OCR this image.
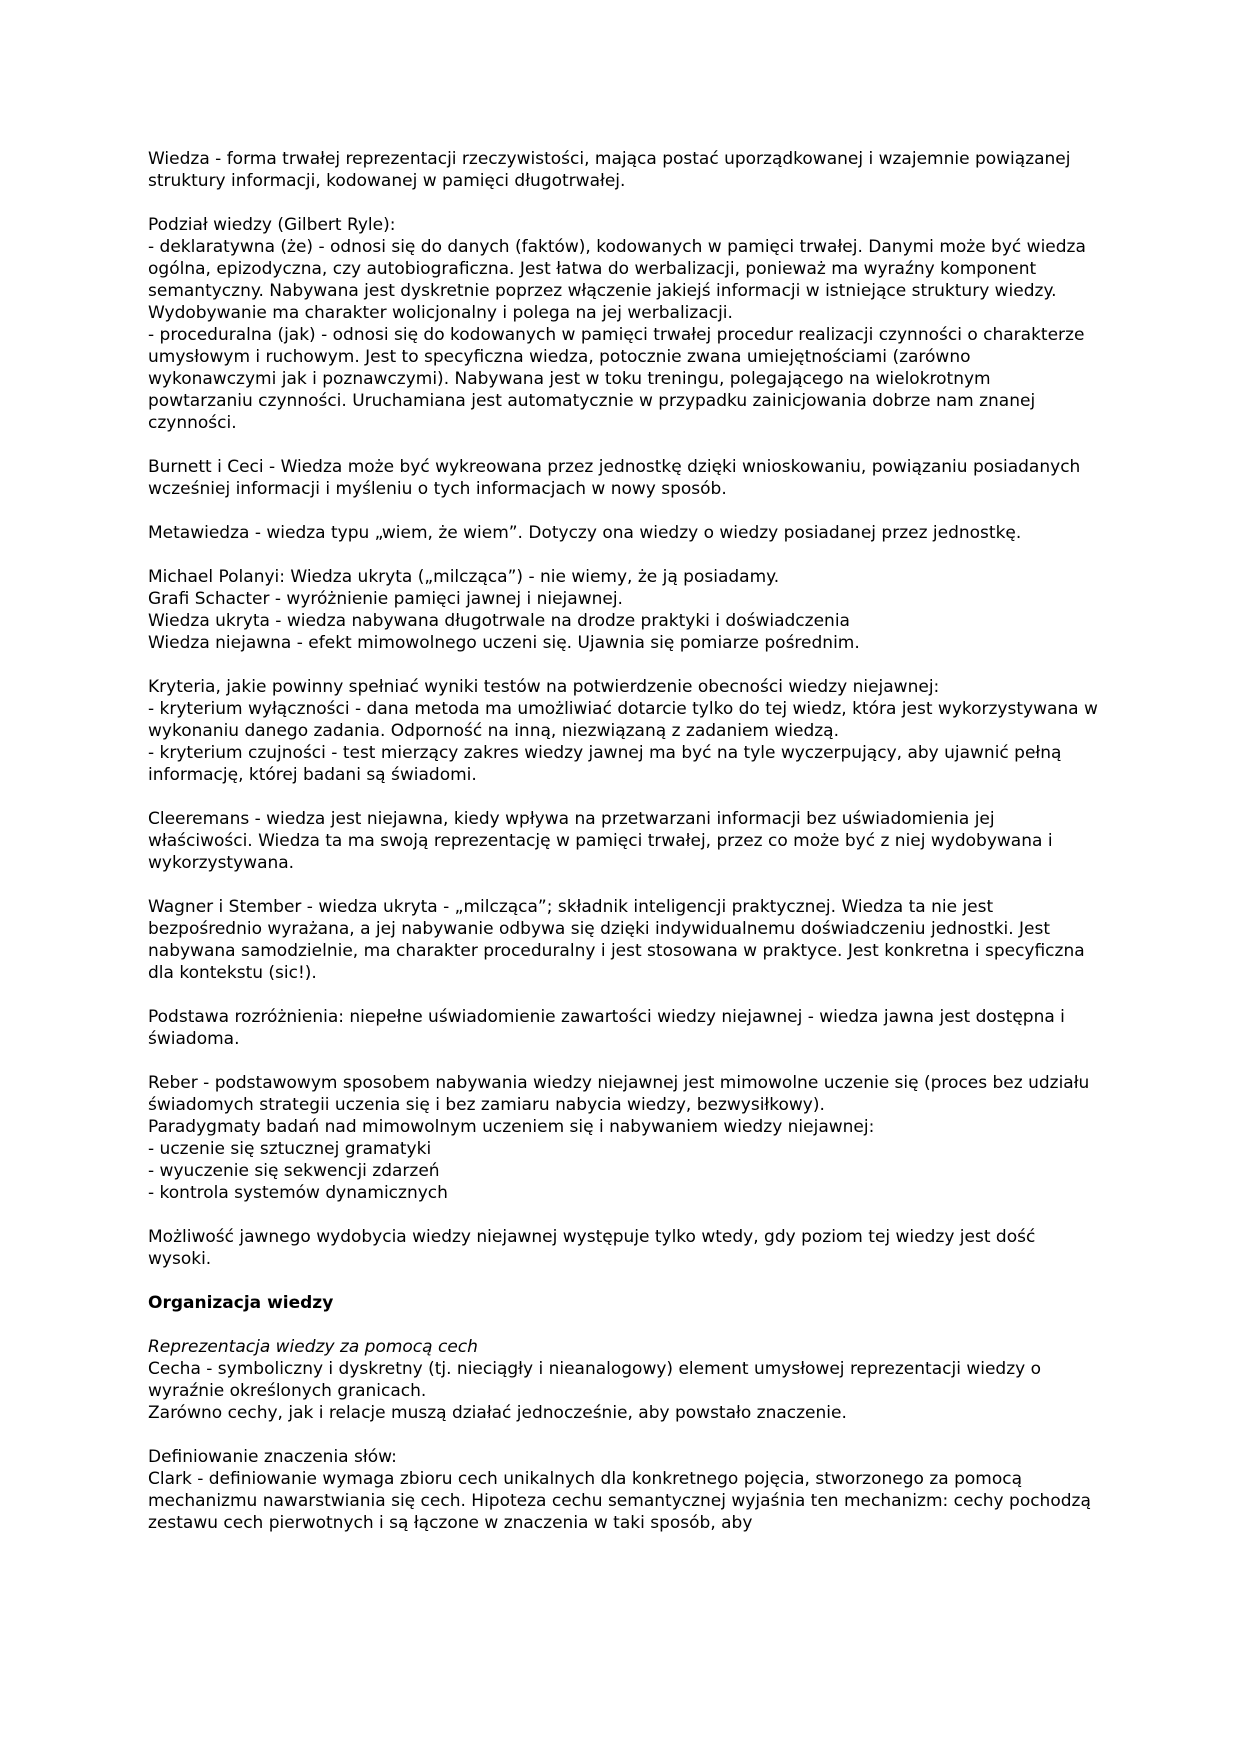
Wiedza - forma trwałej reprezentacji rzeczywistości, mająca postać uporządkowanej i wzajemnie powiązanej struktury informacji, kodowanej w pamięci długotrwałej.

Podział wiedzy (Gilbert Ryle):
- deklaratywna (że) - odnosi się do danych (faktów), kodowanych w pamięci trwałej. Danymi może być wiedza ogólna, epizodyczna, czy autobiograficzna. Jest łatwa do werbalizacji, ponieważ ma wyraźny komponent semantyczny. Nabywana jest dyskretnie poprzez włączenie jakiejś informacji w istniejące struktury wiedzy. Wydobywanie ma charakter wolicjonalny i polega na jej werbalizacji.
- proceduralna (jak) - odnosi się do kodowanych w pamięci trwałej procedur realizacji czynności o charakterze umysłowym i ruchowym. Jest to specyficzna wiedza, potocznie zwana umiejętnościami (zarówno wykonawczymi jak i poznawczymi). Nabywana jest w toku treningu, polegającego na wielokrotnym powtarzaniu czynności. Uruchamiana jest automatycznie w przypadku zainicjowania dobrze nam znanej czynności.

Burnett i Ceci - Wiedza może być wykreowana przez jednostkę dzięki wnioskowaniu, powiązaniu posiadanych wcześniej informacji i myśleniu o tych informacjach w nowy sposób.

Metawiedza - wiedza typu „wiem, że wiem”. Dotyczy ona wiedzy o wiedzy posiadanej przez jednostkę.

Michael Polanyi: Wiedza ukryta („milcząca”) - nie wiemy, że ją posiadamy.
Grafi Schacter - wyróżnienie pamięci jawnej i niejawnej.
Wiedza ukryta - wiedza nabywana długotrwale na drodze praktyki i doświadczenia
Wiedza niejawna - efekt mimowolnego uczeni się. Ujawnia się pomiarze pośrednim.

Kryteria, jakie powinny spełniać wyniki testów na potwierdzenie obecności wiedzy niejawnej:
- kryterium wyłączności - dana metoda ma umożliwiać dotarcie tylko do tej wiedz, która jest wykorzystywana w wykonaniu danego zadania. Odporność na inną, niezwiązaną z zadaniem wiedzą.
- kryterium czujności - test mierzący zakres wiedzy jawnej ma być na tyle wyczerpujący, aby ujawnić pełną informację, której badani są świadomi.

Cleeremans - wiedza jest niejawna, kiedy wpływa na przetwarzani informacji bez uświadomienia jej właściwości. Wiedza ta ma swoją reprezentację w pamięci trwałej, przez co może być z niej wydobywana i wykorzystywana.

Wagner i Stember - wiedza ukryta - „milcząca”; składnik inteligencji praktycznej. Wiedza ta nie jest bezpośrednio wyrażana, a jej nabywanie odbywa się dzięki indywidualnemu doświadczeniu jednostki. Jest nabywana samodzielnie, ma charakter proceduralny i jest stosowana w praktyce. Jest konkretna i specyficzna dla kontekstu (sic!).

Podstawa rozróżnienia: niepełne uświadomienie zawartości wiedzy niejawnej - wiedza jawna jest dostępna i świadoma.

Reber - podstawowym sposobem nabywania wiedzy niejawnej jest mimowolne uczenie się (proces bez udziału świadomych strategii uczenia się i bez zamiaru nabycia wiedzy, bezwysiłkowy).
Paradygmaty badań nad mimowolnym uczeniem się i nabywaniem wiedzy niejawnej:
- uczenie się sztucznej gramatyki
- wyuczenie się sekwencji zdarzeń
- kontrola systemów dynamicznych

Możliwość jawnego wydobycia wiedzy niejawnej występuje tylko wtedy, gdy poziom tej wiedzy jest dość wysoki.

Organizacja wiedzy

Reprezentacja wiedzy za pomocą cech
Cecha - symboliczny i dyskretny (tj. nieciągły i nieanalogowy) element umysłowej reprezentacji wiedzy o wyraźnie określonych granicach.
Zarówno cechy, jak i relacje muszą działać jednocześnie, aby powstało znaczenie.

Definiowanie znaczenia słów:
Clark - definiowanie wymaga zbioru cech unikalnych dla konkretnego pojęcia, stworzonego za pomocą mechanizmu nawarstwiania się cech. Hipoteza cechu semantycznej wyjaśnia ten mechanizm: cechy pochodzą zestawu cech pierwotnych i są łączone w znaczenia w taki sposób, aby
